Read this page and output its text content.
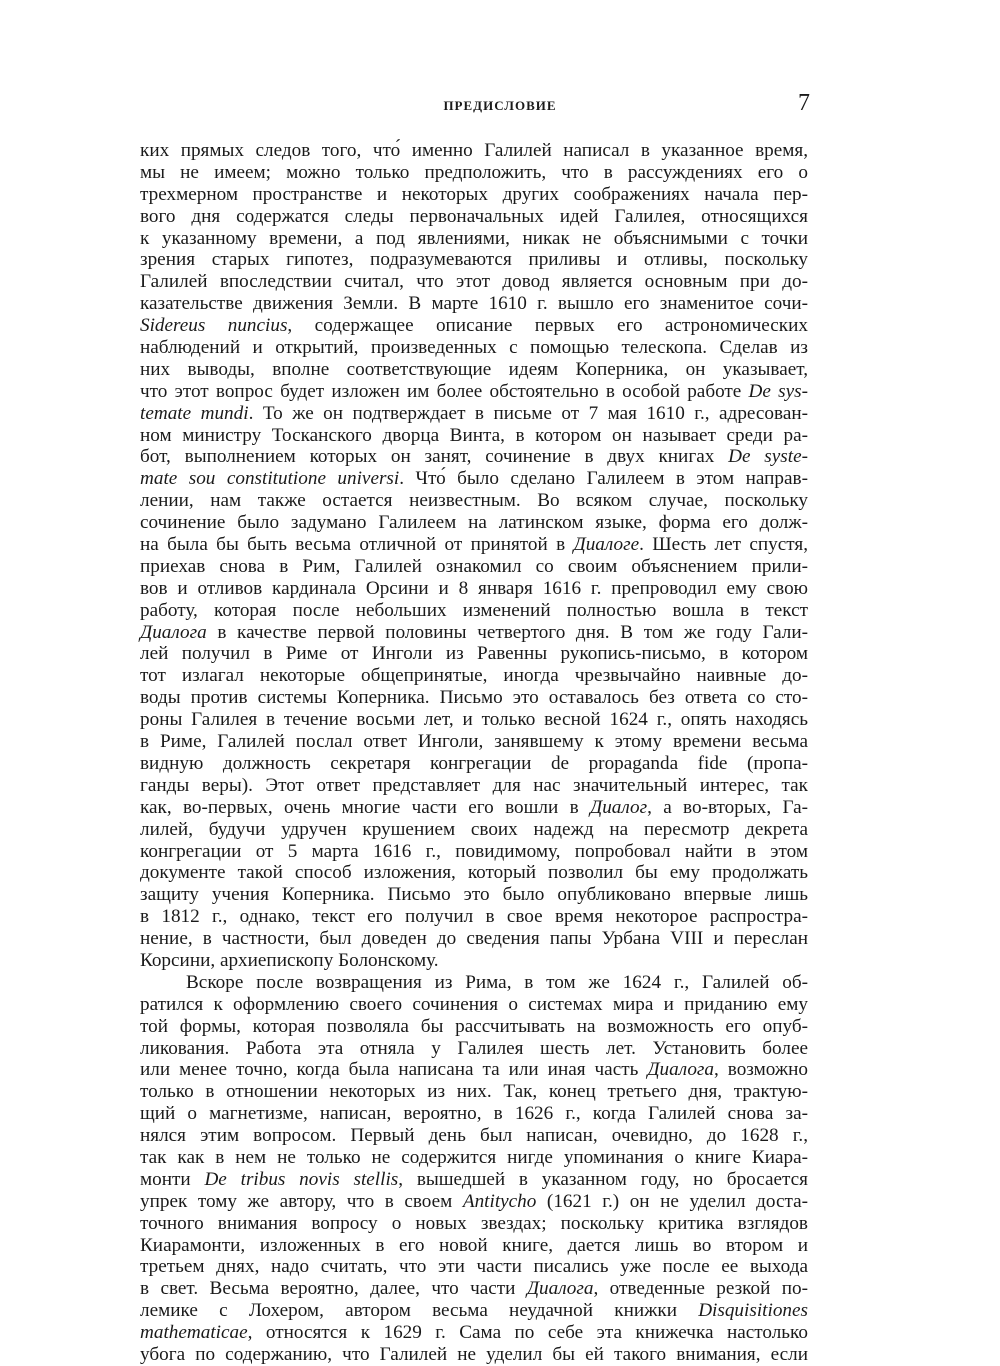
ПРЕДИСЛОВИЕ	7
ких прямых следов того, что́ именно Галилей написал в указанное время,
мы не имеем; можно только предположить, что в рассуждениях его о
трехмерном пространстве и некоторых других соображениях начала пер-
вого дня содержатся следы первоначальных идей Галилея, относящихся
к указанному времени, а под явлениями, никак не объяснимыми с точки
зрения старых гипотез, подразумеваются приливы и отливы, поскольку
Галилей впоследствии считал, что этот довод является основным при до-
казательстве движения Земли. В марте 1610 г. вышло его знаменитое сочи-
Sidereus nuncius, содержащее описание первых его астрономических
наблюдений и открытий, произведенных с помощью телескопа. Сделав из
них выводы, вполне соответствующие идеям Коперника, он указывает,
что этот вопрос будет изложен им более обстоятельно в особой работе De sys-
temate mundi. То же он подтверждает в письме от 7 мая 1610 г., адресован-
ном министру Тосканского дворца Винта, в котором он называет среди ра-
бот, выполнением которых он занят, сочинение в двух книгах De syste-
mate sou constitutione universi. Что́ было сделано Галилеем в этом направ-
лении, нам также остается неизвестным. Во всяком случае, поскольку
сочинение было задумано Галилеем на латинском языке, форма его долж-
на была бы быть весьма отличной от принятой в Диалоге. Шесть лет спустя,
приехав снова в Рим, Галилей ознакомил со своим объяснением прили-
вов и отливов кардинала Орсини и 8 января 1616 г. препроводил ему свою
работу, которая после небольших изменений полностью вошла в текст
Диалога в качестве первой половины четвертого дня. В том же году Гали-
лей получил в Риме от Инголи из Равенны рукопись-письмо, в котором
тот излагал некоторые общепринятые, иногда чрезвычайно наивные до-
воды против системы Коперника. Письмо это оставалось без ответа со сто-
роны Галилея в течение восьми лет, и только весной 1624 г., опять находясь
в Риме, Галилей послал ответ Инголи, занявшему к этому времени весьма
видную должность секретаря конгрегации de propaganda fide (пропа-
ганды веры). Этот ответ представляет для нас значительный интерес, так
как, во-первых, очень многие части его вошли в Диалог, а во-вторых, Га-
лилей, будучи удручен крушением своих надежд на пересмотр декрета
конгрегации от 5 марта 1616 г., повидимому, попробовал найти в этом
документе такой способ изложения, который позволил бы ему продолжать
защиту учения Коперника. Письмо это было опубликовано впервые лишь
в 1812 г., однако, текст его получил в свое время некоторое распростра-
нение, в частности, был доведен до сведения папы Урбана VIII и переслан
Корсини, архиепископу Болонскому.
Вскоре после возвращения из Рима, в том же 1624 г., Галилей об-
ратился к оформлению своего сочинения о системах мира и приданию ему
той формы, которая позволяла бы рассчитывать на возможность его опуб-
ликования. Работа эта отняла у Галилея шесть лет. Установить более
или менее точно, когда была написана та или иная часть Диалога, возможно
только в отношении некоторых из них. Так, конец третьего дня, трактую-
щий о магнетизме, написан, вероятно, в 1626 г., когда Галилей снова за-
нялся этим вопросом. Первый день был написан, очевидно, до 1628 г.,
так как в нем не только не содержится нигде упоминания о книге Киара-
монти De tribus novis stellis, вышедшей в указанном году, но бросается
упрек тому же автору, что в своем Antitycho (1621 г.) он не уделил доста-
точного внимания вопросу о новых звездах; поскольку критика взглядов
Киарамонти, изложенных в его новой книге, дается лишь во втором и
третьем днях, надо считать, что эти части писались уже после ее выхода
в свет. Весьма вероятно, далее, что части Диалога, отведенные резкой по-
лемике с Лохером, автором весьма неудачной книжки Disquisitiones
mathematicae, относятся к 1629 г. Сама по себе эта книжечка настолько
убога по содержанию, что Галилей не уделил бы ей такого внимания, если
